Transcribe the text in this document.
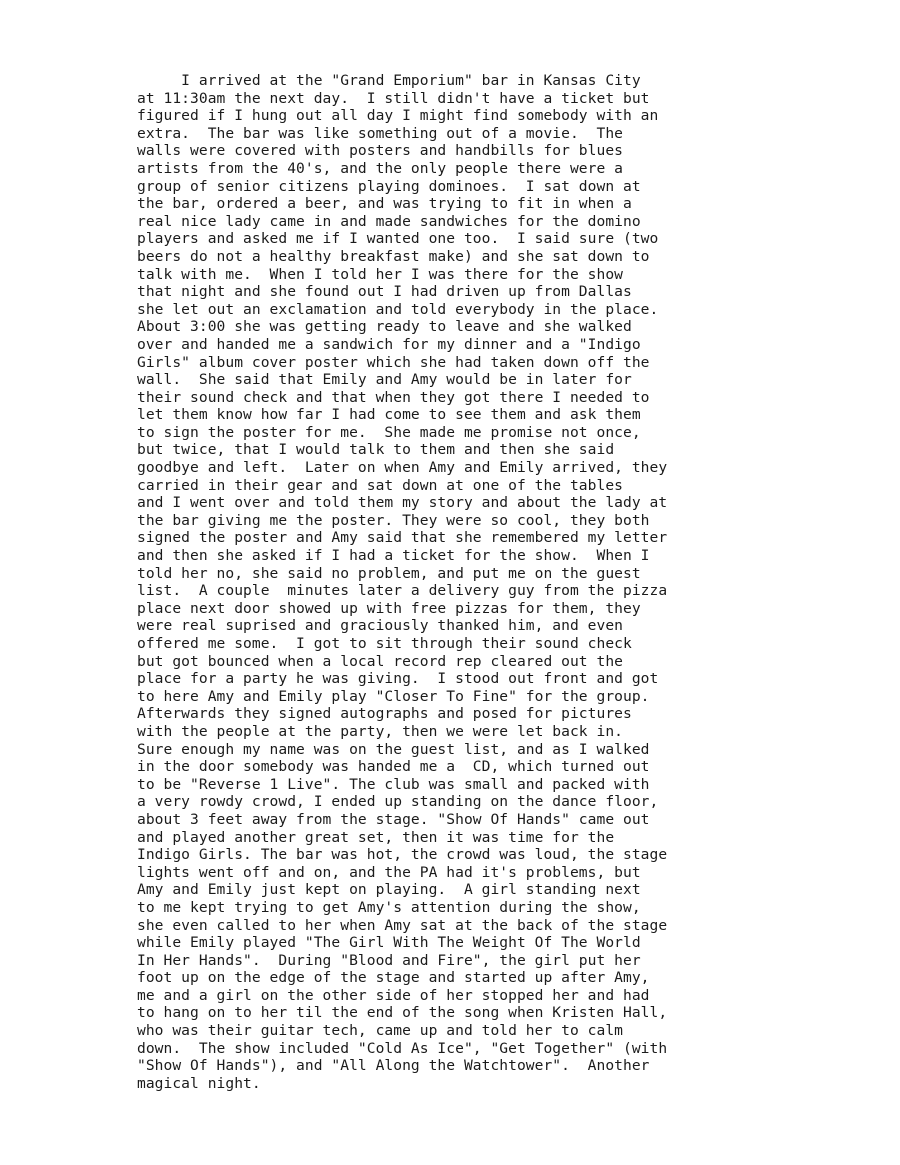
I arrived at the "Grand Emporium" bar in Kansas City
at 11:30am the next day.  I still didn't have a ticket but
figured if I hung out all day I might find somebody with an
extra.  The bar was like something out of a movie.  The
walls were covered with posters and handbills for blues
artists from the 40's, and the only people there were a
group of senior citizens playing dominoes.  I sat down at
the bar, ordered a beer, and was trying to fit in when a
real nice lady came in and made sandwiches for the domino
players and asked me if I wanted one too.  I said sure (two
beers do not a healthy breakfast make) and she sat down to
talk with me.  When I told her I was there for the show
that night and she found out I had driven up from Dallas
she let out an exclamation and told everybody in the place.
About 3:00 she was getting ready to leave and she walked
over and handed me a sandwich for my dinner and a "Indigo
Girls" album cover poster which she had taken down off the
wall.  She said that Emily and Amy would be in later for
their sound check and that when they got there I needed to
let them know how far I had come to see them and ask them
to sign the poster for me.  She made me promise not once,
but twice, that I would talk to them and then she said
goodbye and left.  Later on when Amy and Emily arrived, they
carried in their gear and sat down at one of the tables
and I went over and told them my story and about the lady at
the bar giving me the poster. They were so cool, they both
signed the poster and Amy said that she remembered my letter
and then she asked if I had a ticket for the show.  When I
told her no, she said no problem, and put me on the guest
list.  A couple  minutes later a delivery guy from the pizza
place next door showed up with free pizzas for them, they
were real suprised and graciously thanked him, and even
offered me some.  I got to sit through their sound check
but got bounced when a local record rep cleared out the
place for a party he was giving.  I stood out front and got
to here Amy and Emily play "Closer To Fine" for the group.
Afterwards they signed autographs and posed for pictures
with the people at the party, then we were let back in.
Sure enough my name was on the guest list, and as I walked
in the door somebody was handed me a  CD, which turned out
to be "Reverse 1 Live". The club was small and packed with
a very rowdy crowd, I ended up standing on the dance floor,
about 3 feet away from the stage. "Show Of Hands" came out
and played another great set, then it was time for the
Indigo Girls. The bar was hot, the crowd was loud, the stage
lights went off and on, and the PA had it's problems, but
Amy and Emily just kept on playing.  A girl standing next
to me kept trying to get Amy's attention during the show,
she even called to her when Amy sat at the back of the stage
while Emily played "The Girl With The Weight Of The World
In Her Hands".  During "Blood and Fire", the girl put her
foot up on the edge of the stage and started up after Amy,
me and a girl on the other side of her stopped her and had
to hang on to her til the end of the song when Kristen Hall,
who was their guitar tech, came up and told her to calm
down.  The show included "Cold As Ice", "Get Together" (with
"Show Of Hands"), and "All Along the Watchtower".  Another
magical night.
